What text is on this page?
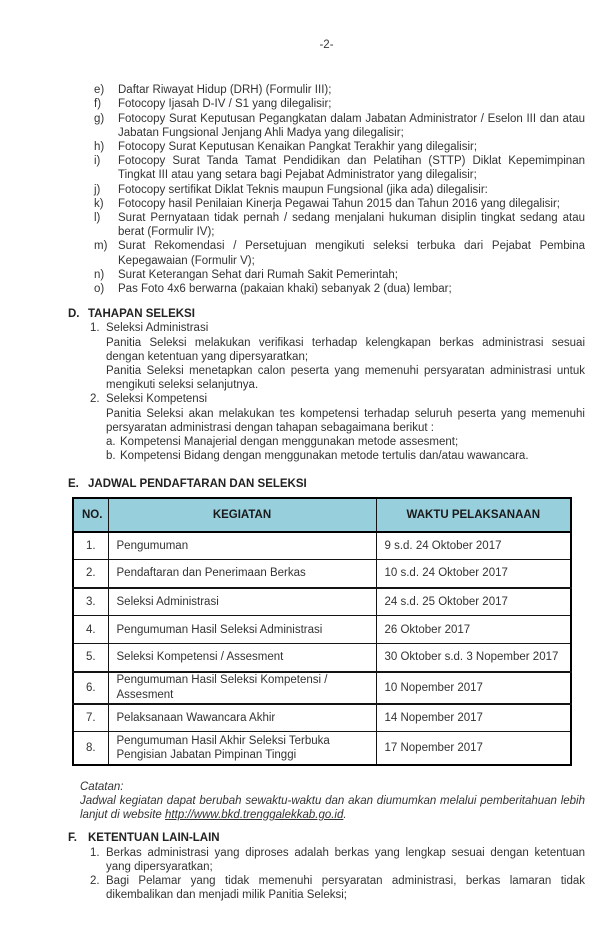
-2-
e)	Daftar Riwayat Hidup (DRH) (Formulir III);
f)	Fotocopy Ijasah D-IV / S1 yang dilegalisir;
g)	Fotocopy Surat Keputusan Pegangkatan dalam Jabatan Administrator / Eselon III dan atau Jabatan Fungsional Jenjang Ahli Madya yang dilegalisir;
h)	Fotocopy Surat Keputusan Kenaikan Pangkat Terakhir yang dilegalisir;
i)	Fotocopy Surat Tanda Tamat Pendidikan dan Pelatihan (STTP) Diklat Kepemimpinan Tingkat III atau yang setara bagi Pejabat Administrator yang dilegalisir;
j)	Fotocopy sertifikat Diklat Teknis maupun Fungsional (jika ada) dilegalisir:
k)	Fotocopy hasil Penilaian Kinerja Pegawai Tahun 2015 dan Tahun 2016 yang dilegalisir;
l)	Surat Pernyataan tidak pernah / sedang menjalani hukuman disiplin tingkat sedang atau berat (Formulir IV);
m) Surat Rekomendasi / Persetujuan mengikuti seleksi terbuka dari Pejabat Pembina Kepegawaian (Formulir V);
n)	Surat Keterangan Sehat dari Rumah Sakit Pemerintah;
o)	Pas Foto 4x6 berwarna (pakaian khaki) sebanyak 2 (dua) lembar;
D. TAHAPAN SELEKSI
1. Seleksi Administrasi
Panitia Seleksi melakukan verifikasi terhadap kelengkapan berkas administrasi sesuai dengan ketentuan yang dipersyaratkan;
Panitia Seleksi menetapkan calon peserta yang memenuhi persyaratan administrasi untuk mengikuti seleksi selanjutnya.
2. Seleksi Kompetensi
Panitia Seleksi akan melakukan tes kompetensi terhadap seluruh peserta yang memenuhi persyaratan administrasi dengan tahapan sebagaimana berikut :
a. Kompetensi Manajerial dengan menggunakan metode assesment;
b. Kompetensi Bidang dengan menggunakan metode tertulis dan/atau wawancara.
E. JADWAL PENDAFTARAN DAN SELEKSI
NO.	KEGIATAN	WAKTU PELAKSANAAN
1.	Pengumuman	9 s.d. 24 Oktober 2017
2.	Pendaftaran dan Penerimaan Berkas	10 s.d. 24 Oktober 2017
3.	Seleksi Administrasi	24 s.d. 25 Oktober 2017
4.	Pengumuman Hasil Seleksi Administrasi	26 Oktober 2017
5.	Seleksi Kompetensi / Assesment	30 Oktober s.d. 3 Nopember 2017
6.	Pengumuman Hasil Seleksi Kompetensi / Assesment	10 Nopember 2017
7.	Pelaksanaan Wawancara Akhir	14 Nopember 2017
8.	Pengumuman Hasil Akhir Seleksi Terbuka Pengisian Jabatan Pimpinan Tinggi	17 Nopember 2017
Catatan:
Jadwal kegiatan dapat berubah sewaktu-waktu dan akan diumumkan melalui pemberitahuan lebih lanjut di website http://www.bkd.trenggalekkab.go.id.
F. KETENTUAN LAIN-LAIN
1. Berkas administrasi yang diproses adalah berkas yang lengkap sesuai dengan ketentuan yang dipersyaratkan;
2. Bagi Pelamar yang tidak memenuhi persyaratan administrasi, berkas lamaran tidak dikembalikan dan menjadi milik Panitia Seleksi;
